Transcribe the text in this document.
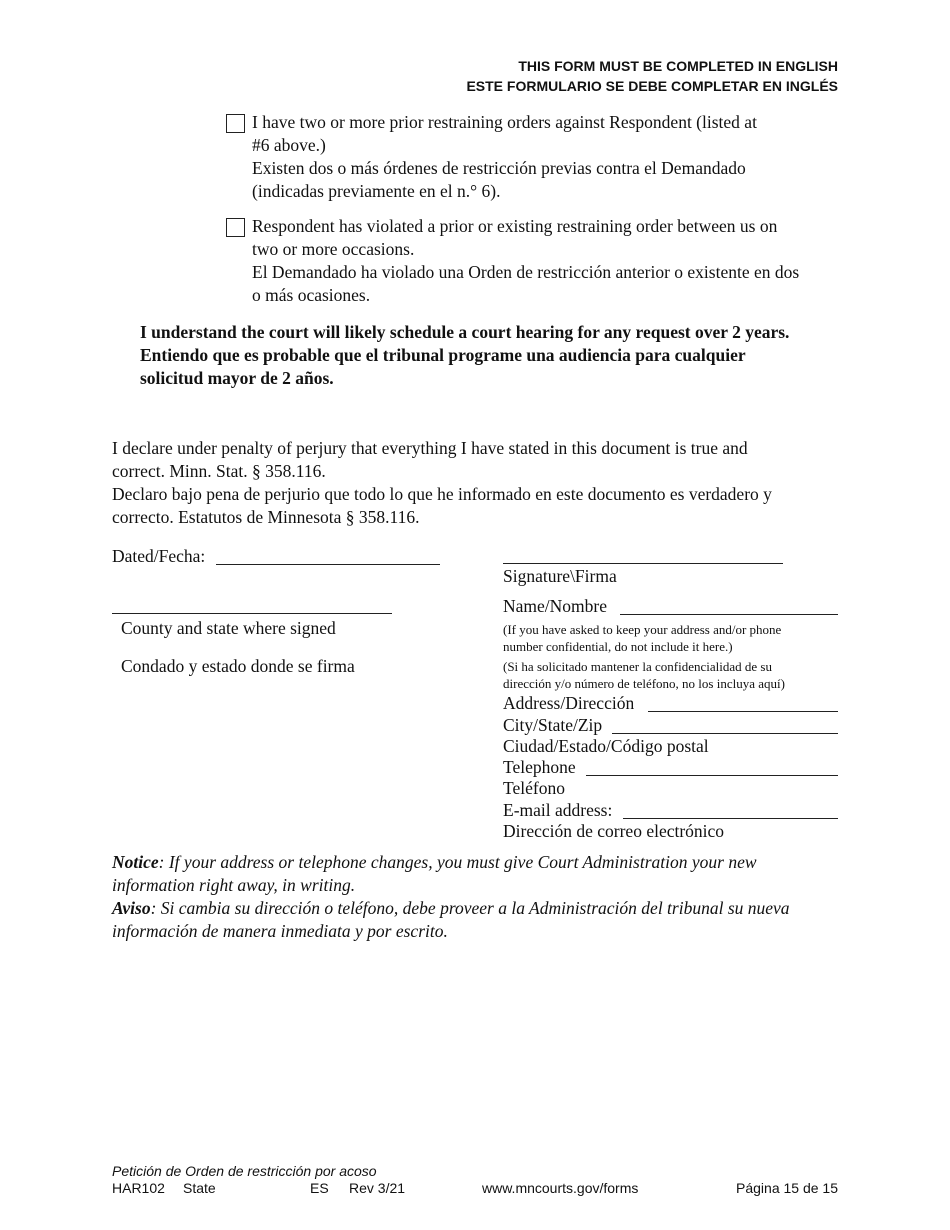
THIS FORM MUST BE COMPLETED IN ENGLISH
ESTE FORMULARIO SE DEBE COMPLETAR EN INGLÉS
I have two or more prior restraining orders against Respondent (listed at
#6 above.)
Existen dos o más órdenes de restricción previas contra el Demandado
(indicadas previamente en el n.° 6).
Respondent has violated a prior or existing restraining order between us on
two or more occasions.
El Demandado ha violado una Orden de restricción anterior o existente en dos
o más ocasiones.
I understand the court will likely schedule a court hearing for any request over 2 years.
Entiendo que es probable que el tribunal programe una audiencia para cualquier
solicitud mayor de 2 años.
I declare under penalty of perjury that everything I have stated in this document is true and
correct. Minn. Stat. § 358.116.
Declaro bajo pena de perjurio que todo lo que he informado en este documento es verdadero y
correcto. Estatutos de Minnesota § 358.116.
Dated/Fecha:
County and state where signed
Condado y estado donde se firma
Signature\Firma
Name/Nombre
(If you have asked to keep your address and/or phone
number confidential, do not include it here.)
(Si ha solicitado mantener la confidencialidad de su
dirección y/o número de teléfono, no los incluya aquí)
Address/Dirección
City/State/Zip
Ciudad/Estado/Código postal
Telephone
Teléfono
E-mail address:
Dirección de correo electrónico
Notice: If your address or telephone changes, you must give Court Administration your new
information right away, in writing.
Aviso: Si cambia su dirección o teléfono, debe proveer a la Administración del tribunal su nueva
información de manera inmediata y por escrito.
Petición de Orden de restricción por acoso
HAR102 State	ES Rev 3/21	www.mncourts.gov/forms	Página 15 de 15
